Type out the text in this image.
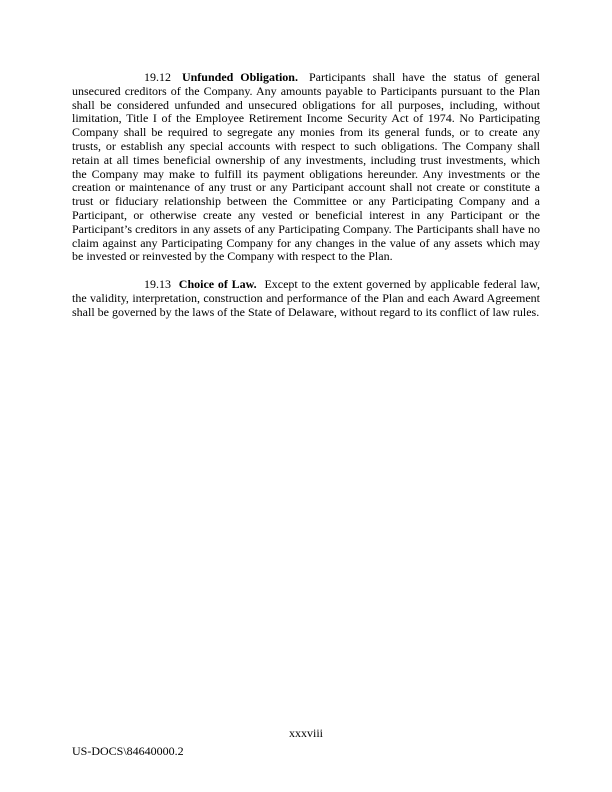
19.12 Unfunded Obligation. Participants shall have the status of general unsecured creditors of the Company. Any amounts payable to Participants pursuant to the Plan shall be considered unfunded and unsecured obligations for all purposes, including, without limitation, Title I of the Employee Retirement Income Security Act of 1974. No Participating Company shall be required to segregate any monies from its general funds, or to create any trusts, or establish any special accounts with respect to such obligations. The Company shall retain at all times beneficial ownership of any investments, including trust investments, which the Company may make to fulfill its payment obligations hereunder. Any investments or the creation or maintenance of any trust or any Participant account shall not create or constitute a trust or fiduciary relationship between the Committee or any Participating Company and a Participant, or otherwise create any vested or beneficial interest in any Participant or the Participant’s creditors in any assets of any Participating Company. The Participants shall have no claim against any Participating Company for any changes in the value of any assets which may be invested or reinvested by the Company with respect to the Plan.

19.13 Choice of Law. Except to the extent governed by applicable federal law, the validity, interpretation, construction and performance of the Plan and each Award Agreement shall be governed by the laws of the State of Delaware, without regard to its conflict of law rules.

xxxviii
US-DOCS\84640000.2
